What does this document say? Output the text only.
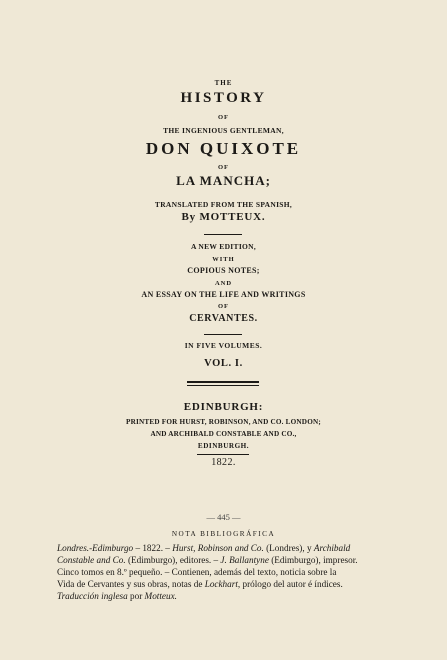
THE
HISTORY
OF
THE INGENIOUS GENTLEMAN,
DON QUIXOTE
OF
LA MANCHA;
TRANSLATED FROM THE SPANISH,
By MOTTEUX.
A NEW EDITION,
WITH
COPIOUS NOTES;
AND
AN ESSAY ON THE LIFE AND WRITINGS
OF
CERVANTES.
IN FIVE VOLUMES.
VOL. I.
EDINBURGH:
PRINTED FOR HURST, ROBINSON, AND CO. LONDON;
AND ARCHIBALD CONSTABLE AND CO.,
EDINBURGH.
1822.
— 445 —
NOTA BIBLIOGRÁFICA

Londres.-Edimburgo – 1822. – Hurst, Robinson and Co. (Londres), y Archibald

Constable and Co. (Edimburgo), editores. – J. Ballantyne (Edimburgo), impresor.

Cinco tomos en 8.º pequeño. – Contienen, además del texto, noticia sobre la

Vida de Cervantes y sus obras, notas de Lockhart, prólogo del autor é índices.

Traducción inglesa por Motteux.
